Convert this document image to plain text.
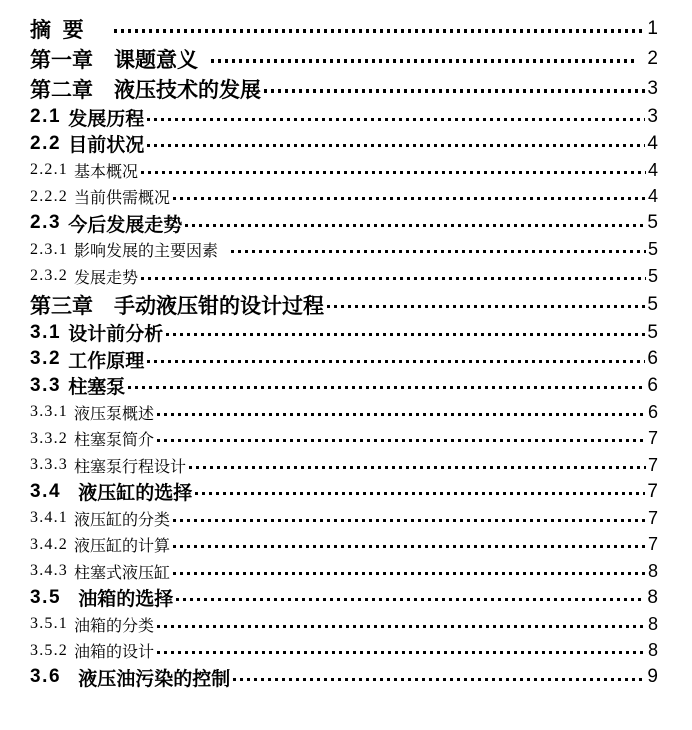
摘  要	1
第一章 课题意义	2
第二章 液压技术的发展	3
2.1 发展历程	3
2.2 目前状况	4
2.2.1 基本概况	4
2.2.2 当前供需概况	4
2.3 今后发展走势	5
2.3.1 影响发展的主要因素	5
2.3.2 发展走势	5
第三章 手动液压钳的设计过程	5
3.1 设计前分析	5
3.2 工作原理	6
3.3 柱塞泵	6
3.3.1 液压泵概述	6
3.3.2 柱塞泵简介	7
3.3.3 柱塞泵行程设计	7
3.4 液压缸的选择	7
3.4.1 液压缸的分类	7
3.4.2 液压缸的计算	7
3.4.3 柱塞式液压缸	8
3.5 油箱的选择	8
3.5.1 油箱的分类	8
3.5.2 油箱的设计	8
3.6 液压油污染的控制	9
